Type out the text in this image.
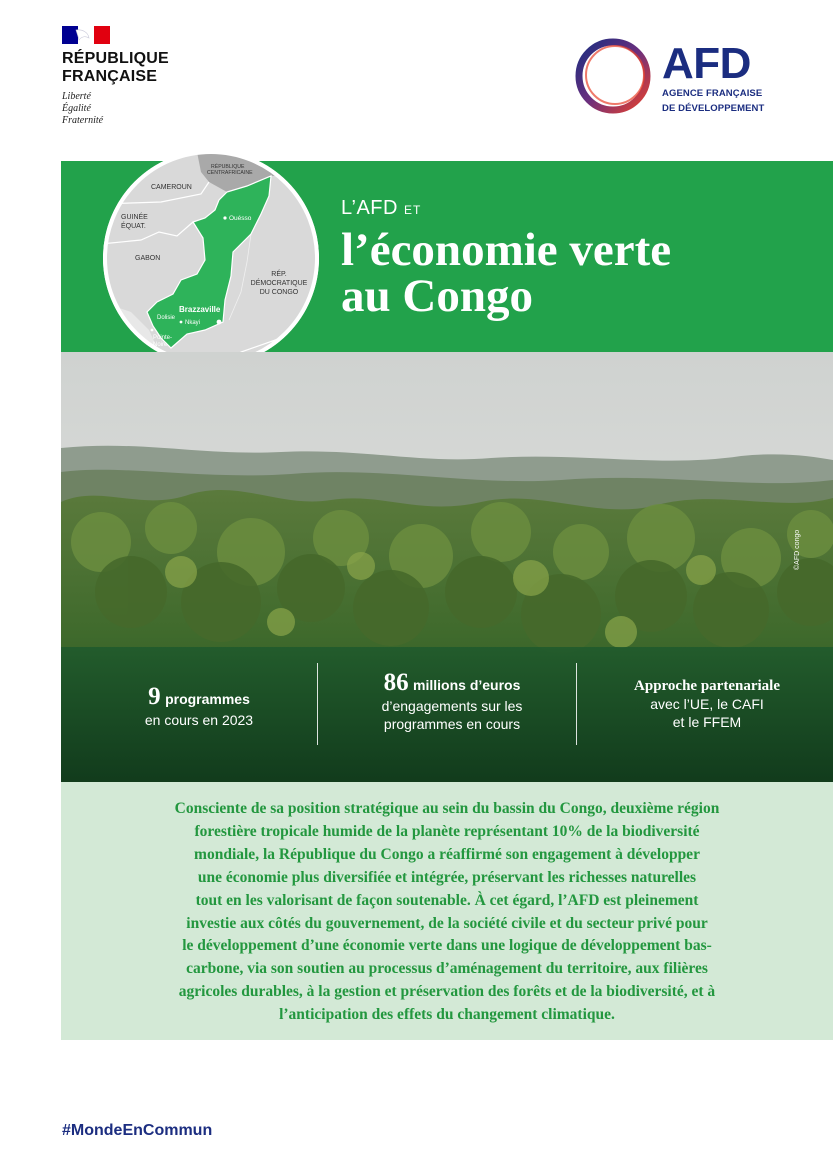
RÉPUBLIQUE
FRANÇAISE
Liberté
Égalité
Fraternité
AFD
AGENCE FRANÇAISE
DE DÉVELOPPEMENT
L’AFD ET
l’économie verte
au Congo
RÉPUBLIQUE
CENTRAFRICAINE
CAMEROUN
GUINÉE
ÉQUAT.
GABON
RÉP.
DÉMOCRATIQUE
DU CONGO
Ouésso
Brazzaville
Dolisie
Nkayi
Pointe-
Noire
©AFD congo
9 programmes
en cours en 2023
86 millions d’euros
d’engagements sur les
programmes en cours
Approche partenariale
avec l’UE, le CAFI
et le FFEM
Consciente de sa position stratégique au sein du bassin du Congo, deuxième région
forestière tropicale humide de la planète représentant 10% de la biodiversité
mondiale, la République du Congo a réaffirmé son engagement à développer
une économie plus diversifiée et intégrée, préservant les richesses naturelles
tout en les valorisant de façon soutenable. À cet égard, l’AFD est pleinement
investie aux côtés du gouvernement, de la société civile et du secteur privé pour
le développement d’une économie verte dans une logique de développement bas-
carbone, via son soutien au processus d’aménagement du territoire, aux filières
agricoles durables, à la gestion et préservation des forêts et de la biodiversité, et à
l’anticipation des effets du changement climatique.
#MondeEnCommun
